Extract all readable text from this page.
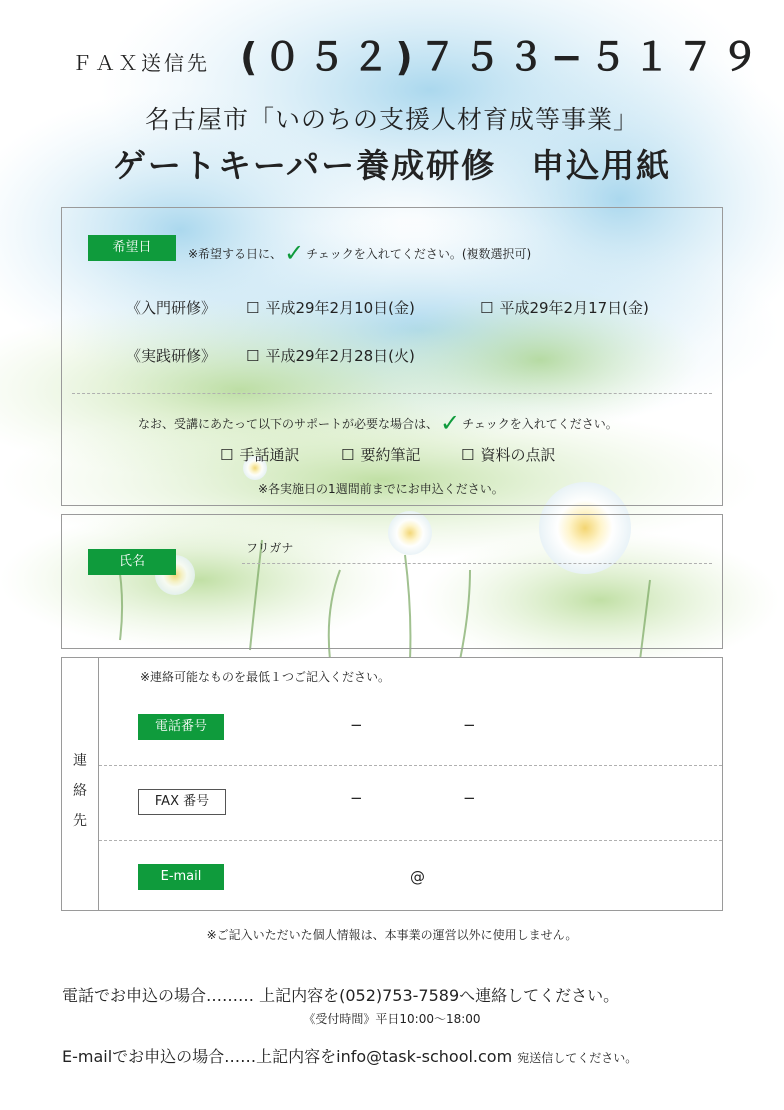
ＦＡＸ送信先 (０５２)７５３−５１７９
名古屋市「いのちの支援人材育成等事業」
ゲートキーパー養成研修　申込用紙
希望日	※希望する日に、✓ チェックを入れてください。(複数選択可)
《入門研修》 ☐ 平成29年2月10日(金)	☐ 平成29年2月17日(金)
《実践研修》 ☐ 平成29年2月28日(火)
なお、受講にあたって以下のサポートが必要な場合は、✓ チェックを入れてください。
☐ 手話通訳	☐ 要約筆記	☐ 資料の点訳
※各実施日の1週間前までにお申込ください。
氏名
フリガナ
連
絡
先
※連絡可能なものを最低１つご記入ください。
電話番号	−	−
FAX 番号	−	−
E-mail	@
※ご記入いただいた個人情報は、本事業の運営以外に使用しません。
電話でお申込の場合……… 上記内容を(052)753-7589へ連絡してください。
《受付時間》平日10:00〜18:00
E-mailでお申込の場合……上記内容をinfo@task-school.com 宛送信してください。
